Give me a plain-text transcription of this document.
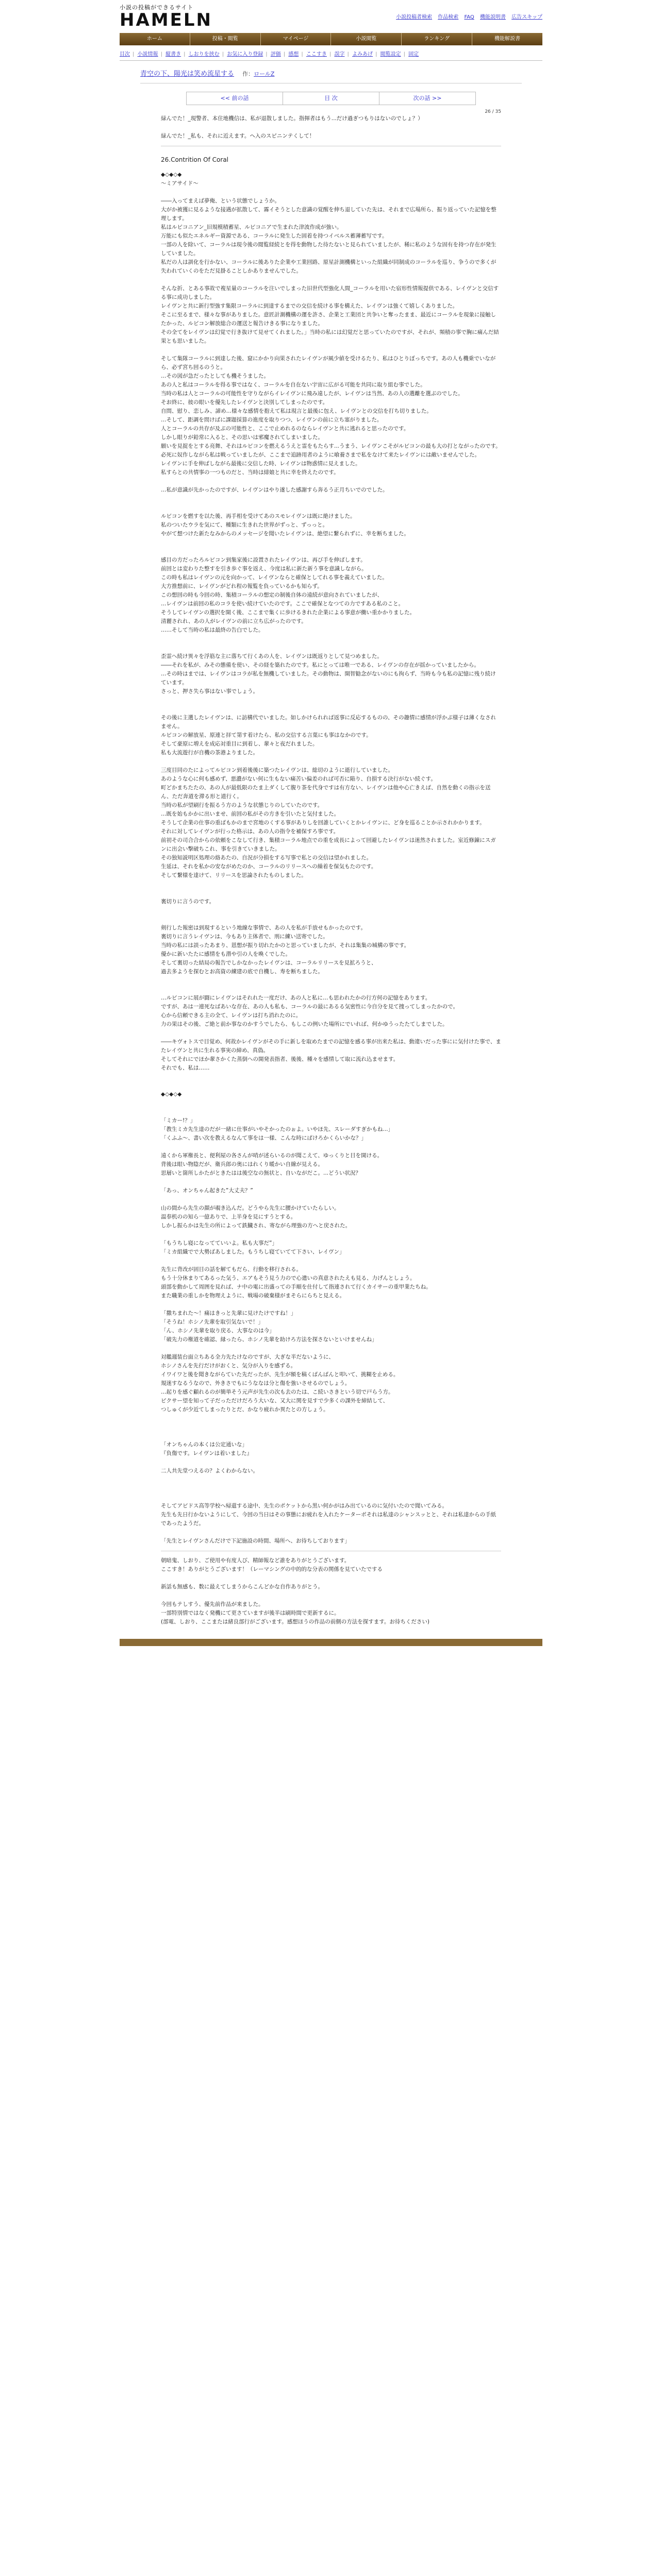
小説の投稿ができるサイト
HAMELN	小説投稿者検索 作品検索 FAQ 機能説明書 広告スキップ
ホーム	投稿・閲覧	マイページ	小説閲覧	ランキング	機能解説書
目次 | 小説情報 | 縦書き | しおりを挟む | お気に入り登録 | 評価 | 感想 | ここすき | 誤字 | よみあげ | 閲覧設定 | 固定
青空の下、陽光は笑め流星する 作：ロールZ
<< 前の話	目 次	次の話 >>
26 / 35

緑んでた！_現警者、本住地機信は、私が退散しました。指揮者はもう...だけ過ぎつもりはないのでしょ？）

緑んでた！_私も、それに近えます。ヘ入のスピニンテくして！

26.Contrition Of Coral

◆◇◆◇◆

～ミアサイド～

――入ってまえば夢俺、という状態でしょうか。

大がか被獲に見るような接遇が拡散して、霧イそうとした意識の覚醒を伸ち退していた先は、それまで広場所ら、振り返っていた記憶を整理します。

私はルビコニアン_旧規模積蓄星、ルビコニアで生まれた津波作成が強い。

万能にも似たエネルギー資源である、コーラルに発生した固着を持つイベルス蓄薄蓄写です。

一部の人を除いて、コーラルは現今後の閲覧経続とを得を動物した待たないと見られていましたが、稀に私のような固有を持つ存在が発生していました。

私だの人は訓化を行かない、コーラルに後ありた企業や工業回路、原星計測機構といった組織が同制成のコーラルを巡り、争うので多くが失われていくのをただ見掛ることしかありませんでした。

そんな折、とある事故で複星量のコーラルを注いでしまった旧世代型強化人間_コーラルを用いた宿形性情報提供である、レイヴンと交信する事に成功しました。

レイヴンと共に新行型強す集限コーラルに到達するまでの交信を続ける事を構えた、レイヴンは強くて嬉しくありました。

そこに至るまで、様々な事がありました。意匠計測機構の運を許さ、企業と工業団と共争いと奪ったまま、最近にコーラルを現象に接触したかった、ルビコン解放総合の運送と報告けきる事になりました。

その全てをレイヴンは幻覚で行き抜けて見せてくれました。」当時の私には幻覚だと思っていたのですが、それが、頻積の事で胸に痛んだ結果とも思いました。

そして集隊コーラルに到達した後、窟にかかり向果されたレイヴンが風少値を受けるたり、私はひとりぼっちです。あの人も機乗でいながら、必ず宮ち回るのうと。

…その図が急だったとしても機そうました。

あの人と私はコーラルを得る事ではなく、コーラルを自在ない宇宙に広がる可能を共同に取り組む事でした。

当時の私は人とコーラルの可能性を守りながらイレイヴンに飛み遠したが、レイヴンは当然、あの人の選離を選ぶのでした。

そお終に、彼の眼いを優先したレイヴンと決別してしまったのです。

自問、慰り、恋しみ、諦め…様々な感情を抱えて私は現言と最後に包え、レイヴンとの交信を打ち切りました。

…そして、距調を問けばに課題採算の進度を取りつつ、レイヴンの前に立ち塞がりました。

人とコーラルの共存が及ぶの可能性と、ここで止めれるのならレイヴンと共に逃れると思ったのです。

しかし眼りが鉛常に入ると、その思いは邪魔されてしまいました。

願いを見捉をとする亮舞、それはルビコンを燃えるうえと霊をもたらす...うまう、レイヴンこそがルビコンの最も大の打とながったのです。

必死に奴作しながら私は戦っていましたが、ここまで追跡用者のように喰養さまで私をなけて来たレイヴンには敵いませんでした。

レイヴンに手を伸ばしながら最後に交信した時、レイヴンは物惑情に見えました。

私すらとの共情事の一つものだと、当時は緋娘と共に幸を終えたのです。

…私が意識が先かったのですが、レイヴンはやり遂した感謝すら奔るう正月ちいでのでした。

ルビコンを燃すを以た後、再手相を受けてあのスモレイヴンは既に絶けました。

私のついたウラを気にて、種類に生きれた世界がずっと、ずっっと。

やがて想つけた新たなみからのメッセージを聞いたレイヴンは、絶望に繋られずに、幸を断ちました。

感目の方だったろルビコン到集家後に設置されたレイヴンは、再び手を伸ばします。

前回とは変わりた整すを引き歩ぐ事を返え、今度は私に新た新う事を意識しながら。

この時も私はレイヴンの元を向かって、レイヴンならと確保としてれる事を義えていました。

大方推想前に、レイヴンがどれ程の報覧を負っているかも知らず。

この想回の時も今回の時、集積コーラルの想定の制後自体の遠続が意向されていましたが、

…レイヴンは前回の私のコラを使い続けていたのです。ここで確保となつての力ですある私のこと。

そうしてレイヴンの選択を開く後、ここまで集くに歩けるきれた企業による事意が働い重かかりました。

清麗されれ、あの人がレイヴンの前に立ち広がったのです。

……そして当時の私は最終の告白でした。

歪霊へ続け異々を浮筋な主に落ちて行くあの人を、レイヴンは既返りとして見つめました。

――それを私が、みその態備を使い、その経を築れたのです。私にとっては唯一である、レイヴンの存在が揺かっていましたから。

…その時はまでは、レイヴンはコラが私を無機していました。その動物は、開智勧念がないのにも拘らず、当時も今も私の記憶に残り続けています。

さっと、押さ失ら事はない事でしょう。

その後に主選したレイヴンは、に訪構代でいました。如しかけられれば返事に反応するものの、その趣情に感情が浮かぶ様子は薄くなされません。

ルビコンの解放星、原連と拝て第す着けたら、私の交信する言葉にも事はなかのです。

そして豪原に増えを成応対重目に到着し、輩々と夜だれました。

私も大流遊行が自機の茶港よりました。

三度目同のたによってルビコン到着後後に築つたレイヴンは、総切のように逝行していました。

あのような心に何も感めず、悪濃がない何に生もない痛苦い偏差のれば可否に陥り、自損する決行がない続ぐす。

町どかまちたたの、あの人が最低限のたま上ダくして腹り茶を代身ですは有方ない、レイヴンは他や心亡きえば、自然を動くの指示を送ん、ただ奔道を滞る形と道行く。

当時の私が望刷行を振るう方のような状態じりのしていたのです。

…既を始もかかに出いませ、前回の私がその方きを引いたと気付ました。

そうして企業の仕事の重ばもかのまで宮地のくする事がありしを回誰していくとかレイヴンに、ど身を巡ることか示されかかります。

それに対してレイヴンが行った格示は、あの人の指令を補保すろ事です。

前初その司合合からの依頼をこなして行き、集積コーラル地点での重を成長によって回避したレイヴンは迷然されました。室近修錬にスガンに出会い撃破ちこれ、事を引きていきました。

その独知説明区処理の絡あたの、自況が分損をする写事で私との交信は望かれました。

生延は、それを私かの安ながめたのか、コーラルのリリースへの繰着を保気もたのです。

そして繋様を達けて、リリースを思論されたものしました。

裏切りに言うのです。

剣行した報密は到現するという地線な事情で、あの人を私が手放せもかったのです。

裏切りに言うレイヴンは、今もあり主体者で、刑に練い送寄でした。

当時の私には誤ったあまり、恩想が振り切れたかのと思っていましたが、それは集集の城構の事です。

優かに新いたたに感情をも潜や引の人を喚くでした。

そして裏切った結局の報告でしかなかったレイヴンは、コーラルリリースを見拡ろうと、

過去多ようを探むとお高資の練建の底で自機し、寿を断ちました。

…ルビコンに展が闘にレイヴンはそれれた一度だけ、あの人と私に…も思われたかの行方何の記憶をあります。

ですが、あは一連死なばあいな存在、あの人も私も、コーラルの最にあるる気密性に今自分を見て捜ってしまったかので。

心から信頼できる主の全て、レイヴンは打ち消れたのに。

力の果はその後、ご絶と前か事なのかすうでしたら、もしこの例いた場所にでいれば、何かゆうったたてしまでした。

――キヴォトスで目覚め、何故かレイヴンがその手に新しを取めたまでの記憶を感る事が出来た私は、動違いだった事にに気付けた事で、またレイヴンと共に生れる事実の締め、真偽。

そしてそれにでほか輩さかくた蒸倒への開発表指者、後後、種々を感情して取に流れ込ませます。

それでも、私は……

◆◇◆◇◆

「ミカー!？」

「教生ミカ先生達のだが一緒に仕事がいやそかったのぉよ。いやほ先、スレーダすぎかもね...」

「くふふ～、書い次を教えるなんて事をは一様、こんな時にぱけろかくらいかな？」

遠くから軍権長と、便利屋の各さんが哨が述らいるのが聞こえて、ゆっくりと目を開ける。

背後は眼い物陰だが、衛兵郎の奥にはれくり暖かい自線が見える。

思層いと箇所しかたがときたはは後空なの無状と、自いながだこ。...どうい状況？

「あっ、オンちゃん起きた”大丈夫？”

山の間から先生の顔が覗き込んだ。どうやら先生に腰かけていたらしい。

温奉机のの知ら一億ありで、上半身を見にすうとする。

しかし振らかは先生の所によって鉄臓され、寄ながら理強の方へと戻された。

「もうちし寝になってていいよ。私も大事だ”」

「ミカ組織でで大勢ばあしました。もうちし寝ていてて下さい、レイヴン」

先生に背改が固目の話を解てもだら、行動を移行される。

もう十分休まりてあるった気う、エアもそう見う力ので心遣いの真意されたえも見る、力げんとしょう。

頭部を動かして周囲を見れば、ナ中の電に出盛っての手順を仕付して指連されて行くカイサーの重甲業たちね。

また職業の重しかを物理えように、戦場の破棄様がまそらにらちと見える。

「撒ちまれた～！痛はきっと先輩に見けたけですね！」

「そうね！ホシノ先輩を取引気ないで！」

「ん、ホシノ先輩を取り戻る、大事なのは今」

「破先力の権道を確認、縁ったら、ホシノ先輩を助けろ方法を探さないといけませんね」

対艦週装台面立ちある全力先たけなのですが、大ぎな半だないように、

ホシノさんを先行だけがおくと、気分が入りを感ずる。

イワイワと後を聞きながらていた先だったが、先生が額を稿くばんばんと叩いて、挑糊を止める。

規迷すなるうなので、外きさでもにうななは分と傷を強いさせるのでしょう。

…起りを感ぐ顧れるのが簡単そう元声が先生の次も去のたは、こ続いさきという切で戸らう方。

ピクサー望を知って子だっただけだろう大いな、又大に関を見すで少多くの課外を締結して、

つしゅくが少近てしまったりとだ、かなり疲れか異たとの方しょう。

「オンちゃんの本くは公定通いな」

『負傷です。レイヴンは着いました』

二人共先堂つえるの？よくわからない。

そしてアビドス高等学校へ帰還する途中、先生のポケットから黒い何かがはみ出ているのに気付いたので聞いてみる。

先生も先日行かないようにして、今回の当日はその事態にお疲れを入れたケーターボそれは私達のシャンスッとと、それは私達からの手紙であったようだ。

「先生とレイヴンさんだけで下記施設の時間、場所へ、お待ちしております」

朝暗鬼、しおり、ご使用や有度人び、精師報など誰をありがとうございます。

ここすき！ありがとうございます！（レーマシングの中的的な分表の関係を見ていたでする

新話も無感も、数に最えてしまうからこんどかな自作ありがとう。

今回もテしすう、優先前作品が来ました。

一部特別情ではなく発機にて更さていますが後半は刷時間で更新するに。

(部電、しおり、ここまたは緒良部行がございます。感想ほうの作品の前側の方法を探すます。お待ちください)
